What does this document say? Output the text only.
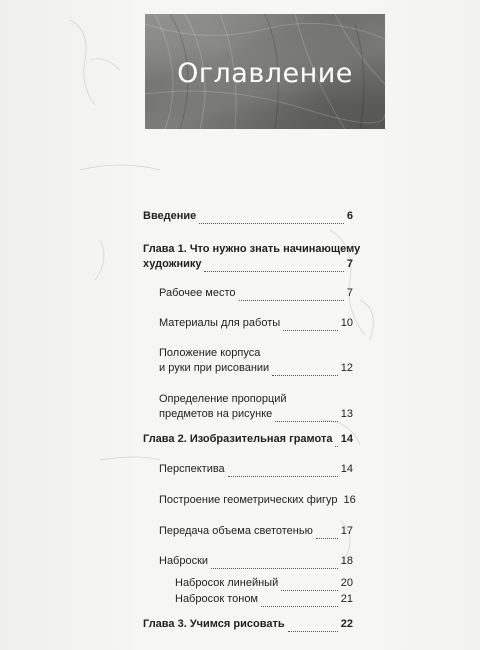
Оглавление
Введение	6
Глава 1. Что нужно знать начинающему
художнику	7
Рабочее место	7
Материалы для работы	10
Положение корпуса
и руки при рисовании	12
Определение пропорций
предметов на рисунке	13
Глава 2. Изобразительная грамота 14
Перспектива	14
Построение геометрических фигур 16
Передача объема светотенью	17
Наброски	18
Набросок линейный	20
Набросок тоном	21
Глава 3. Учимся рисовать	22
